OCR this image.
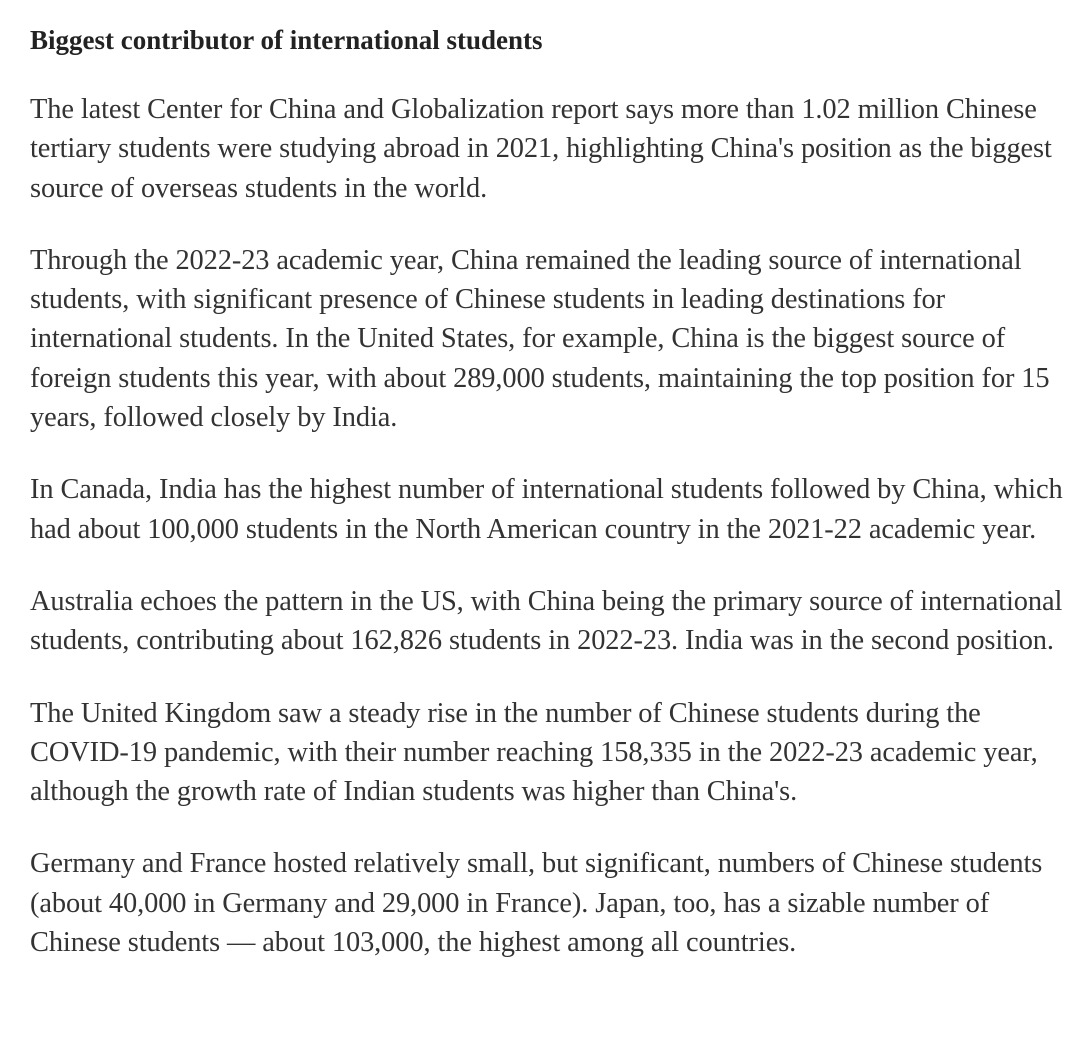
Biggest contributor of international students

The latest Center for China and Globalization report says more than 1.02 million Chinese tertiary students were studying abroad in 2021, highlighting China's position as the biggest source of overseas students in the world.

Through the 2022-23 academic year, China remained the leading source of international students, with significant presence of Chinese students in leading destinations for international students. In the United States, for example, China is the biggest source of foreign students this year, with about 289,000 students, maintaining the top position for 15 years, followed closely by India.

In Canada, India has the highest number of international students followed by China, which had about 100,000 students in the North American country in the 2021-22 academic year.

Australia echoes the pattern in the US, with China being the primary source of international students, contributing about 162,826 students in 2022-23. India was in the second position.

The United Kingdom saw a steady rise in the number of Chinese students during the COVID-19 pandemic, with their number reaching 158,335 in the 2022-23 academic year, although the growth rate of Indian students was higher than China's.

Germany and France hosted relatively small, but significant, numbers of Chinese students (about 40,000 in Germany and 29,000 in France). Japan, too, has a sizable number of Chinese students — about 103,000, the highest among all countries.
